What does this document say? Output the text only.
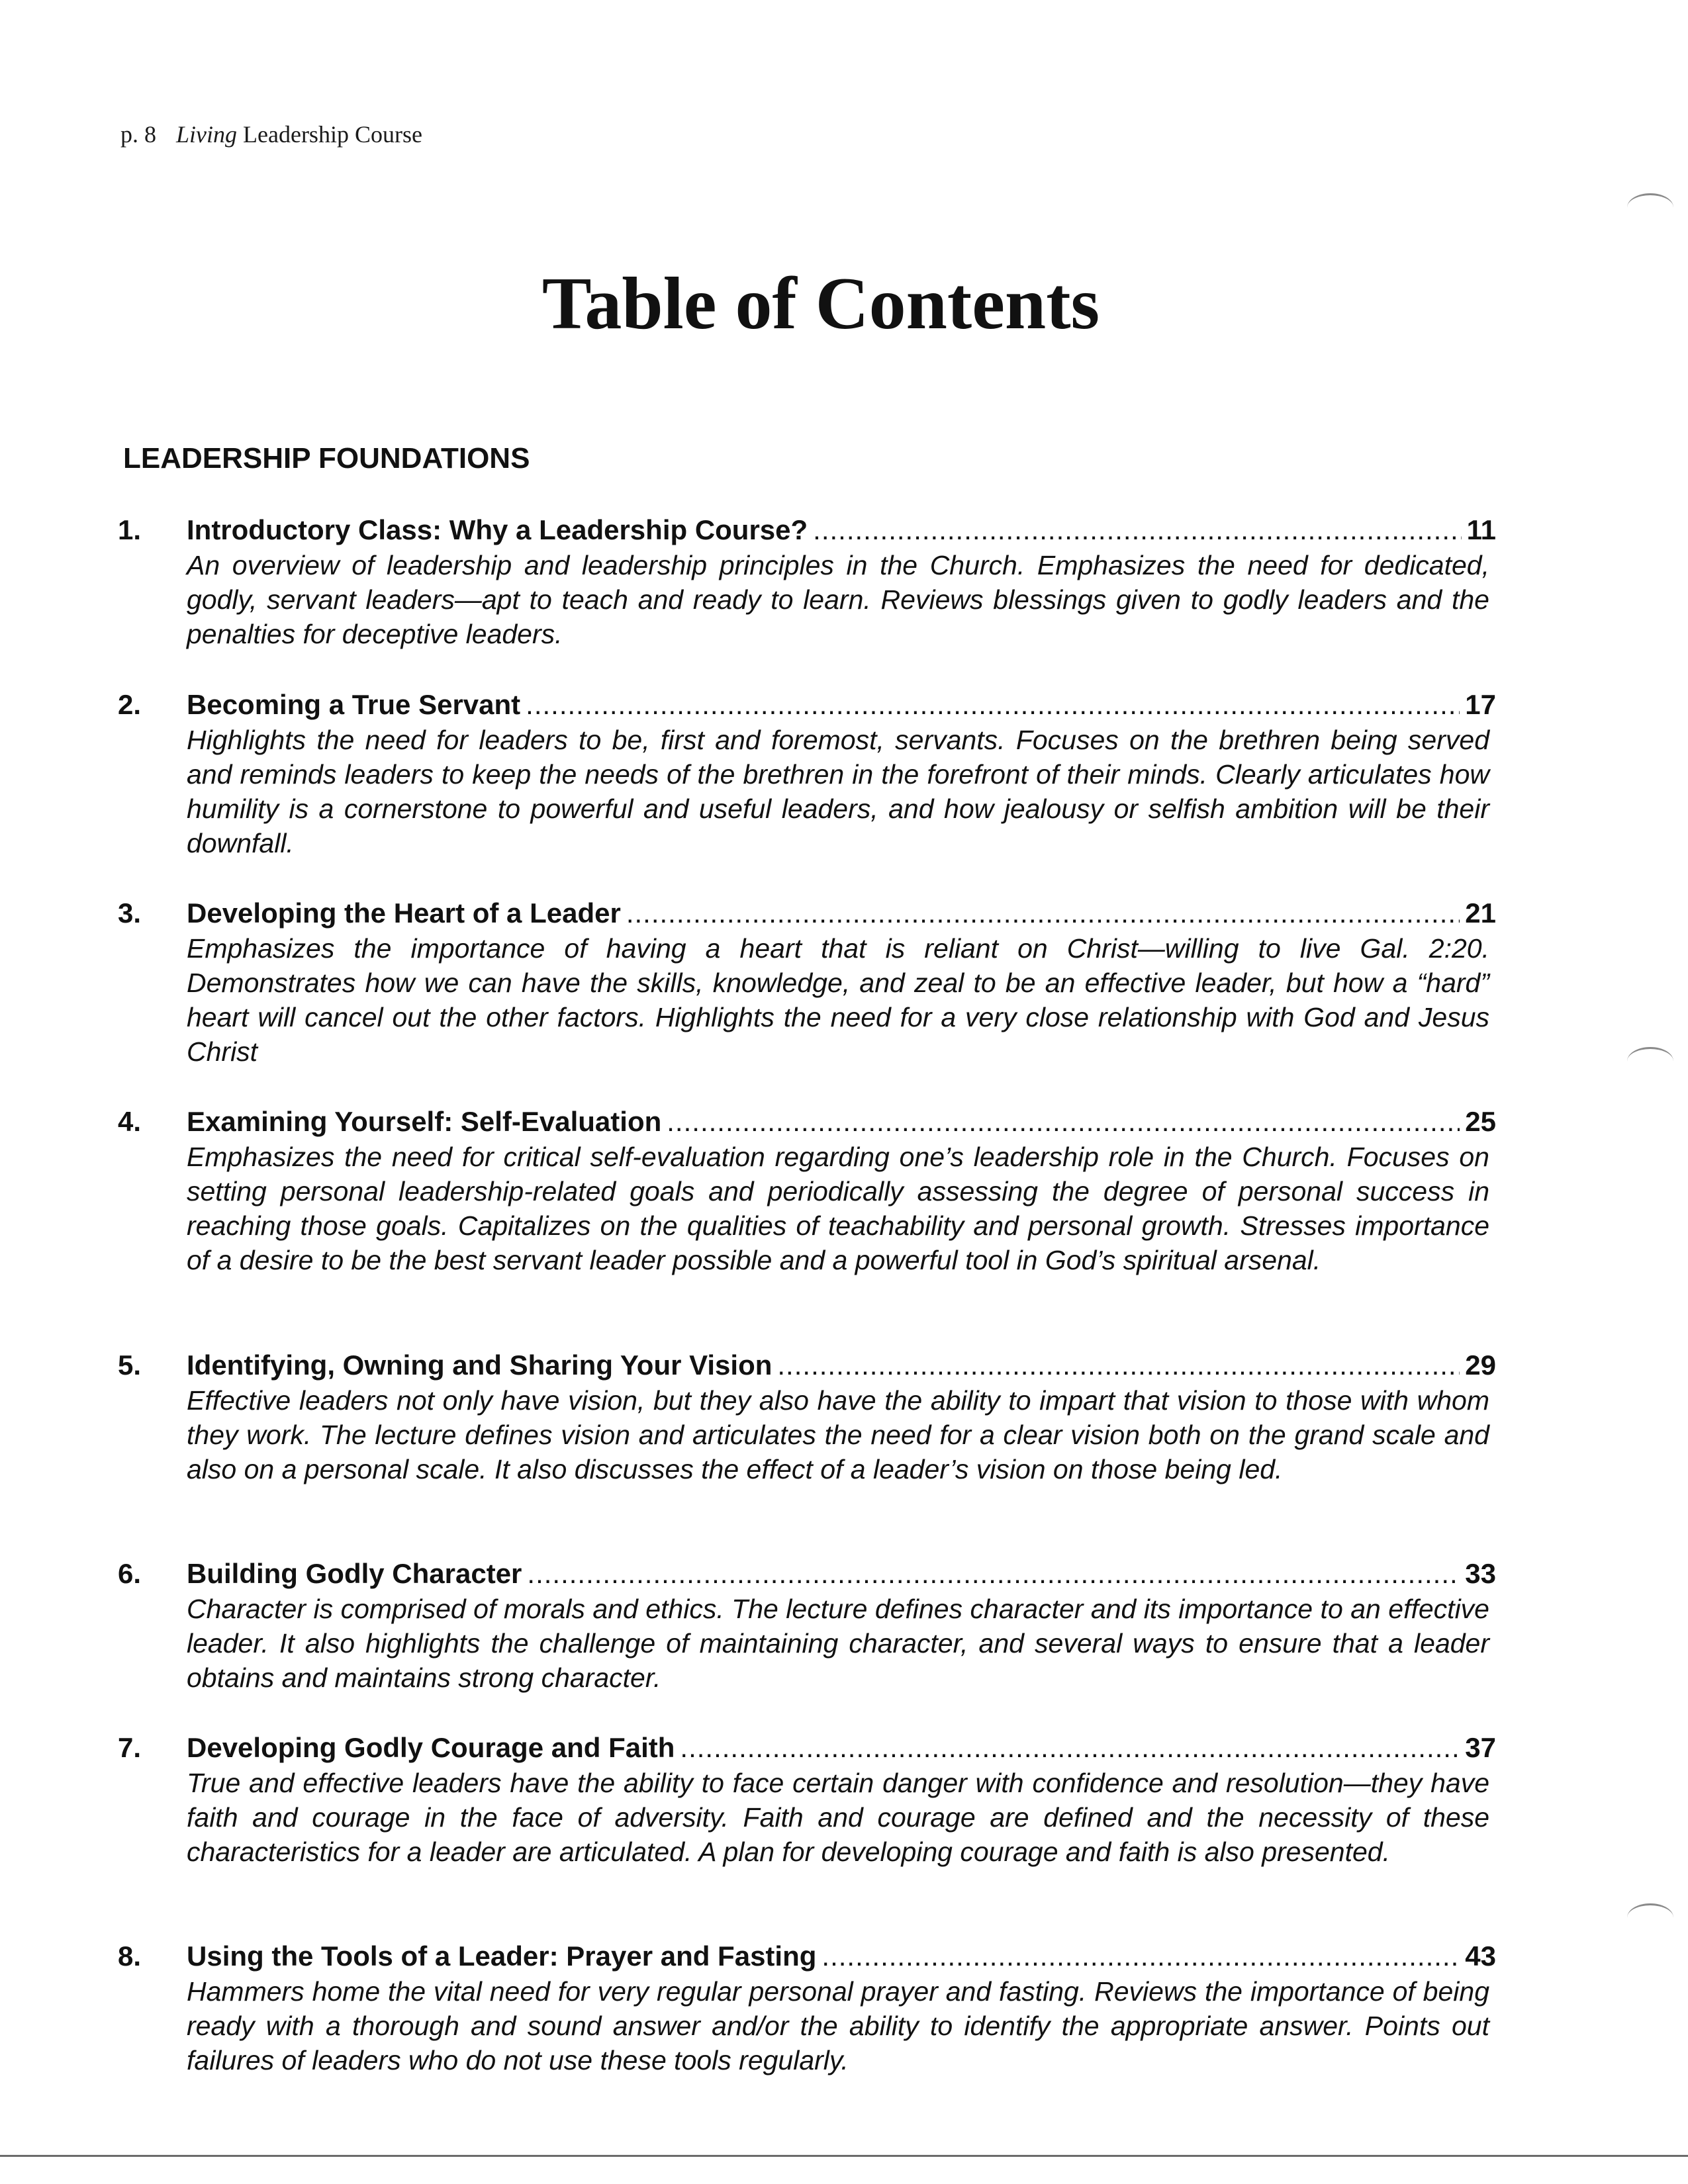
p. 8 Living Leadership Course
Table of Contents
LEADERSHIP FOUNDATIONS
1.	Introductory Class: Why a Leadership Course? .....	11
An overview of leadership and leadership principles in the Church. Emphasizes the need for dedicated, godly, servant leaders—apt to teach and ready to learn. Reviews blessings given to godly leaders and the penalties for deceptive leaders.
2.	Becoming a True Servant .....	17
Highlights the need for leaders to be, first and foremost, servants. Focuses on the brethren being served and reminds leaders to keep the needs of the brethren in the forefront of their minds. Clearly articulates how humility is a cornerstone to powerful and useful leaders, and how jealousy or selfish ambition will be their downfall.
3.	Developing the Heart of a Leader .....	21
Emphasizes the importance of having a heart that is reliant on Christ—willing to live Gal. 2:20. Demonstrates how we can have the skills, knowledge, and zeal to be an effective leader, but how a “hard” heart will cancel out the other factors. Highlights the need for a very close relationship with God and Jesus Christ
4.	Examining Yourself: Self-Evaluation .....	25
Emphasizes the need for critical self-evaluation regarding one’s leadership role in the Church. Focuses on setting personal leadership-related goals and periodically assessing the degree of personal success in reaching those goals. Capitalizes on the qualities of teachability and personal growth. Stresses importance of a desire to be the best servant leader possible and a powerful tool in God’s spiritual arsenal.
5.	Identifying, Owning and Sharing Your Vision .....	29
Effective leaders not only have vision, but they also have the ability to impart that vision to those with whom they work. The lecture defines vision and articulates the need for a clear vision both on the grand scale and also on a personal scale. It also discusses the effect of a leader’s vision on those being led.
6.	Building Godly Character .....	33
Character is comprised of morals and ethics. The lecture defines character and its importance to an effective leader. It also highlights the challenge of maintaining character, and several ways to ensure that a leader obtains and maintains strong character.
7.	Developing Godly Courage and Faith .....	37
True and effective leaders have the ability to face certain danger with confidence and resolution—they have faith and courage in the face of adversity. Faith and courage are defined and the necessity of these characteristics for a leader are articulated. A plan for developing courage and faith is also presented.
8.	Using the Tools of a Leader: Prayer and Fasting .....	43
Hammers home the vital need for very regular personal prayer and fasting. Reviews the importance of being ready with a thorough and sound answer and/or the ability to identify the appropriate answer. Points out failures of leaders who do not use these tools regularly.
